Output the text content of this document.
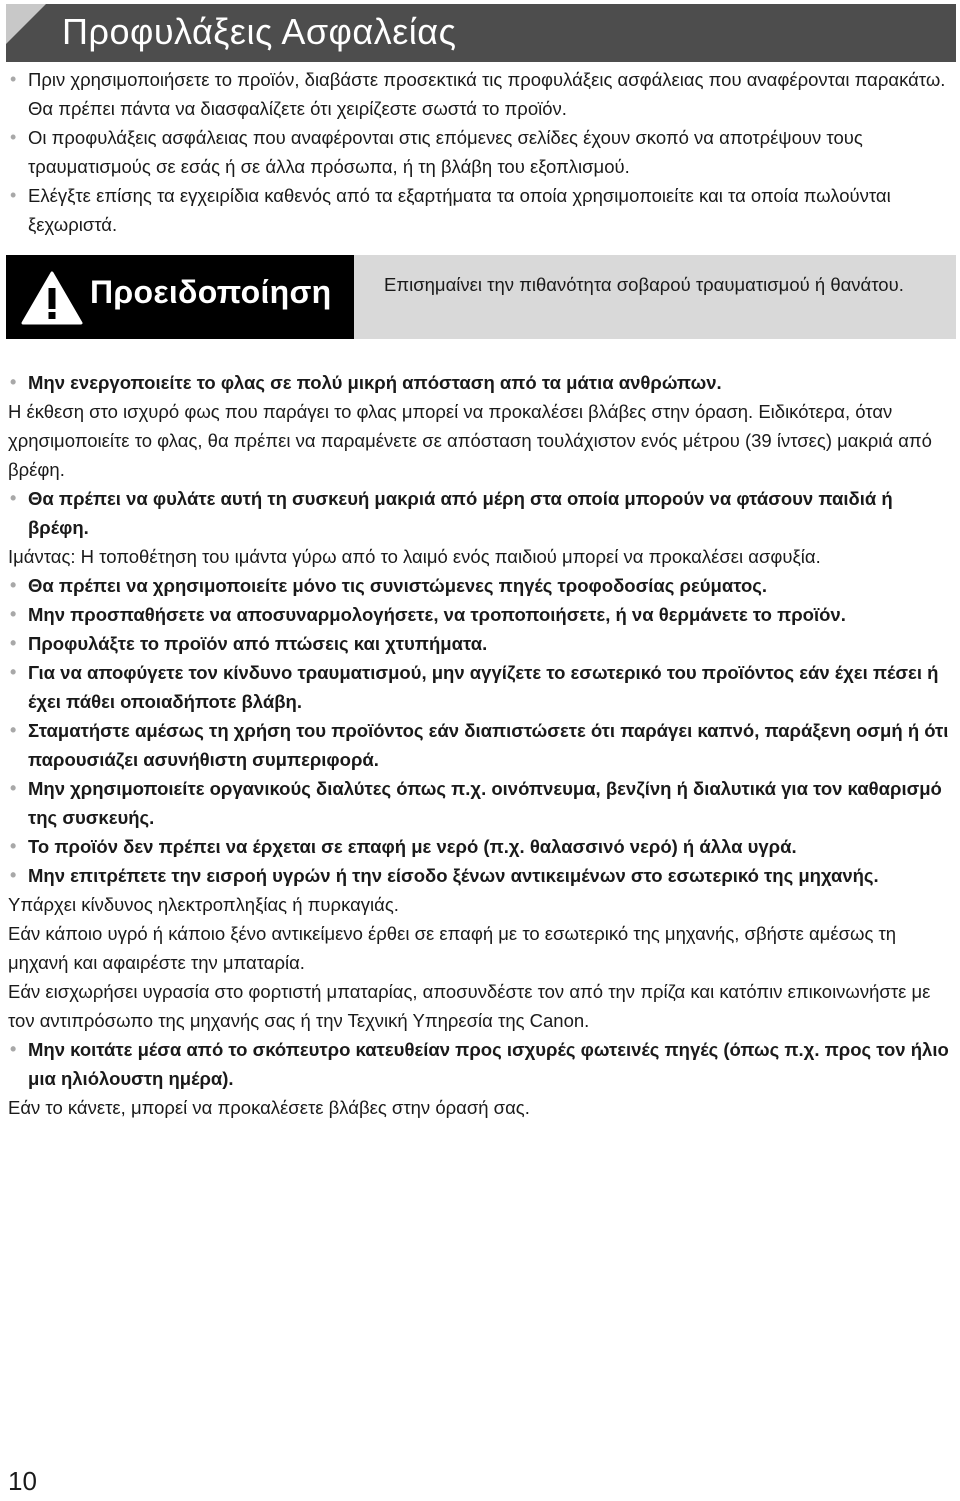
Προφυλάξεις Ασφαλείας
• Πριν χρησιμοποιήσετε το προϊόν, διαβάστε προσεκτικά τις προφυλάξεις ασφάλειας που αναφέρονται παρακάτω. Θα πρέπει πάντα να διασφαλίζετε ότι χειρίζεστε σωστά το προϊόν.
• Οι προφυλάξεις ασφάλειας που αναφέρονται στις επόμενες σελίδες έχουν σκοπό να αποτρέψουν τους τραυματισμούς σε εσάς ή σε άλλα πρόσωπα, ή τη βλάβη του εξοπλισμού.
• Ελέγξτε επίσης τα εγχειρίδια καθενός από τα εξαρτήματα τα οποία χρησιμοποιείτε και τα οποία πωλούνται ξεχωριστά.
Προειδοποίηση	Επισημαίνει την πιθανότητα σοβαρού τραυματισμού ή θανάτου.
• Μην ενεργοποιείτε το φλας σε πολύ μικρή απόσταση από τα μάτια ανθρώπων.
Η έκθεση στο ισχυρό φως που παράγει το φλας μπορεί να προκαλέσει βλάβες στην όραση. Ειδικότερα, όταν χρησιμοποιείτε το φλας, θα πρέπει να παραμένετε σε απόσταση τουλάχιστον ενός μέτρου (39 ίντσες) μακριά από βρέφη.
• Θα πρέπει να φυλάτε αυτή τη συσκευή μακριά από μέρη στα οποία μπορούν να φτάσουν παιδιά ή βρέφη.
Ιμάντας: Η τοποθέτηση του ιμάντα γύρω από το λαιμό ενός παιδιού μπορεί να προκαλέσει ασφυξία.
• Θα πρέπει να χρησιμοποιείτε μόνο τις συνιστώμενες πηγές τροφοδοσίας ρεύματος.
• Μην προσπαθήσετε να αποσυναρμολογήσετε, να τροποποιήσετε, ή να θερμάνετε το προϊόν.
• Προφυλάξτε το προϊόν από πτώσεις και χτυπήματα.
• Για να αποφύγετε τον κίνδυνο τραυματισμού, μην αγγίζετε το εσωτερικό του προϊόντος εάν έχει πέσει ή έχει πάθει οποιαδήποτε βλάβη.
• Σταματήστε αμέσως τη χρήση του προϊόντος εάν διαπιστώσετε ότι παράγει καπνό, παράξενη οσμή ή ότι παρουσιάζει ασυνήθιστη συμπεριφορά.
• Μην χρησιμοποιείτε οργανικούς διαλύτες όπως π.χ. οινόπνευμα, βενζίνη ή διαλυτικά για τον καθαρισμό της συσκευής.
• Το προϊόν δεν πρέπει να έρχεται σε επαφή με νερό (π.χ. θαλασσινό νερό) ή άλλα υγρά.
• Μην επιτρέπετε την εισροή υγρών ή την είσοδο ξένων αντικειμένων στο εσωτερικό της μηχανής.
Υπάρχει κίνδυνος ηλεκτροπληξίας ή πυρκαγιάς.
Εάν κάποιο υγρό ή κάποιο ξένο αντικείμενο έρθει σε επαφή με το εσωτερικό της μηχανής, σβήστε αμέσως τη μηχανή και αφαιρέστε την μπαταρία.
Εάν εισχωρήσει υγρασία στο φορτιστή μπαταρίας, αποσυνδέστε τον από την πρίζα και κατόπιν επικοινωνήστε με τον αντιπρόσωπο της μηχανής σας ή την Τεχνική Υπηρεσία της Canon.
• Μην κοιτάτε μέσα από το σκόπευτρο κατευθείαν προς ισχυρές φωτεινές πηγές (όπως π.χ. προς τον ήλιο μια ηλιόλουστη ημέρα).
Εάν το κάνετε, μπορεί να προκαλέσετε βλάβες στην όρασή σας.
10
